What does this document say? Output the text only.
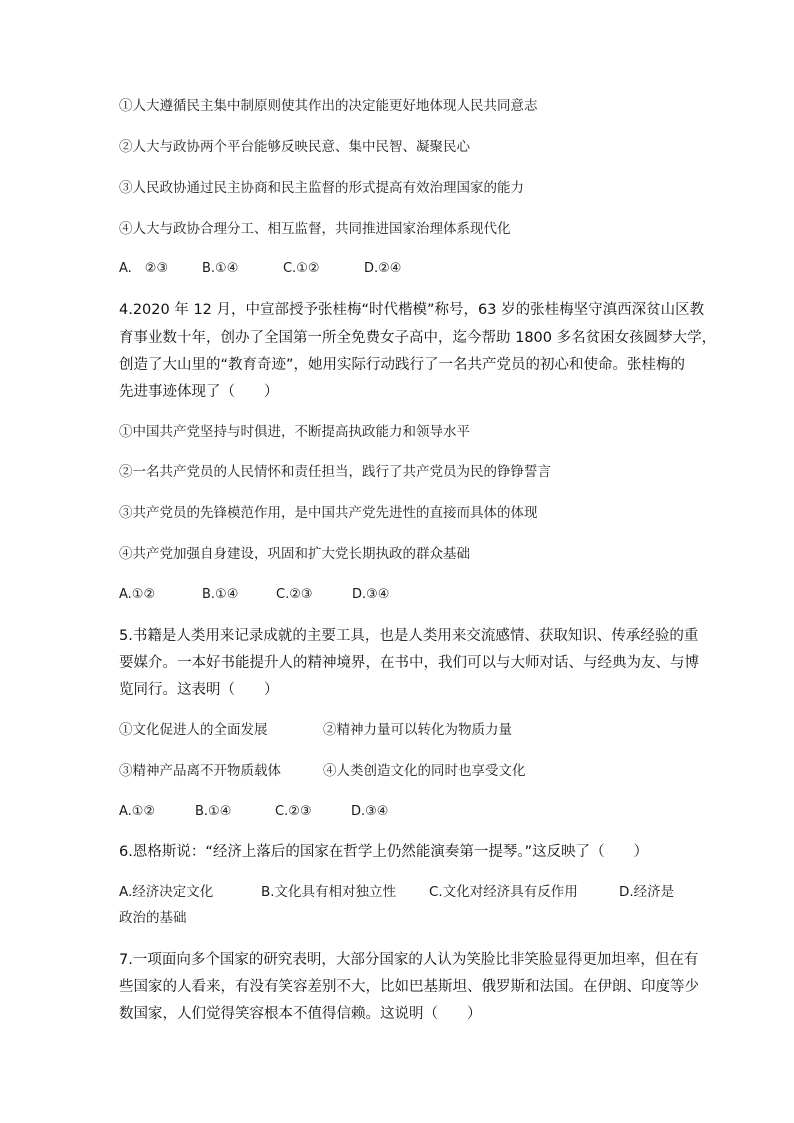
①人大遵循民主集中制原则使其作出的决定能更好地体现人民共同意志
②人大与政协两个平台能够反映民意、集中民智、凝聚民心
③人民政协通过民主协商和民主监督的形式提高有效治理国家的能力
④人大与政协合理分工、相互监督，共同推进国家治理体系现代化
A.　②③	B.①④	C.①②	D.②④
4.2020 年 12 月，中宣部授予张桂梅“时代楷模”称号，63 岁的张桂梅坚守滇西深贫山区教
育事业数十年，创办了全国第一所全免费女子高中，迄今帮助 1800 多名贫困女孩圆梦大学，
创造了大山里的“教育奇迹”，她用实际行动践行了一名共产党员的初心和使命。张桂梅的
先进事迹体现了（　　）
①中国共产党坚持与时俱进，不断提高执政能力和领导水平
②一名共产党员的人民情怀和责任担当，践行了共产党员为民的铮铮誓言
③共产党员的先锋模范作用，是中国共产党先进性的直接而具体的体现
④共产党加强自身建设，巩固和扩大党长期执政的群众基础
A.①②	B.①④	C.②③	D.③④
5.书籍是人类用来记录成就的主要工具，也是人类用来交流感情、获取知识、传承经验的重
要媒介。一本好书能提升人的精神境界，在书中，我们可以与大师对话、与经典为友、与博
览同行。这表明（　　）
①文化促进人的全面发展	②精神力量可以转化为物质力量
③精神产品离不开物质载体	④人类创造文化的同时也享受文化
A.①②	B.①④	C.②③	D.③④
6.恩格斯说：“经济上落后的国家在哲学上仍然能演奏第一提琴。”这反映了（　　）
A.经济决定文化	B.文化具有相对独立性 C.文化对经济具有反作用	D.经济是
政治的基础
7.一项面向多个国家的研究表明，大部分国家的人认为笑脸比非笑脸显得更加坦率，但在有
些国家的人看来，有没有笑容差别不大，比如巴基斯坦、俄罗斯和法国。在伊朗、印度等少
数国家，人们觉得笑容根本不值得信赖。这说明（　　）
